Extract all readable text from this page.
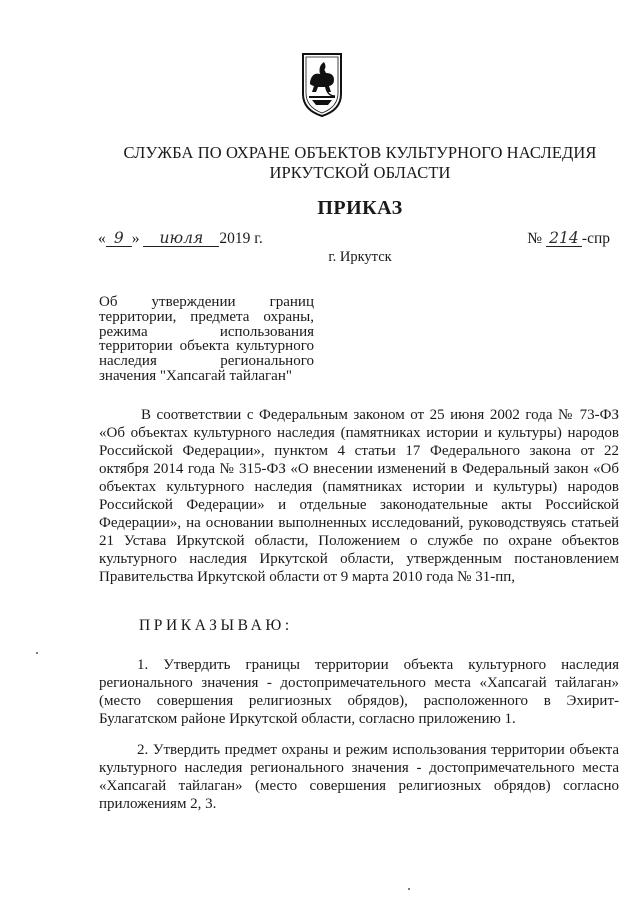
СЛУЖБА ПО ОХРАНЕ ОБЪЕКТОВ КУЛЬТУРНОГО НАСЛЕДИЯ
ИРКУТСКОЙ ОБЛАСТИ
ПРИКАЗ
« 9 » июля 2019 г.	№ 214 -спр
г. Иркутск
Об утверждении границ территории, предмета охраны, режима использования территории объекта культурного наследия регионального значения "Хапсагай тайлаган"

В соответствии с Федеральным законом от 25 июня 2002 года № 73-ФЗ «Об объектах культурного наследия (памятниках истории и культуры) народов Российской Федерации», пунктом 4 статьи 17 Федерального закона от 22 октября 2014 года № 315-ФЗ «О внесении изменений в Федеральный закон «Об объектах культурного наследия (памятниках истории и культуры) народов Российской Федерации» и отдельные законодательные акты Российской Федерации», на основании выполненных исследований, руководствуясь статьей 21 Устава Иркутской области, Положением о службе по охране объектов культурного наследия Иркутской области, утвержденным постановлением Правительства Иркутской области от 9 марта 2010 года № 31-пп,

ПРИКАЗЫВАЮ:

1. Утвердить границы территории объекта культурного наследия регионального значения - достопримечательного места «Хапсагай тайлаган» (место совершения религиозных обрядов), расположенного в Эхирит-Булагатском районе Иркутской области, согласно приложению 1.

2. Утвердить предмет охраны и режим использования территории объекта культурного наследия регионального значения - достопримечательного места «Хапсагай тайлаган» (место совершения религиозных обрядов) согласно приложениям 2, 3.
